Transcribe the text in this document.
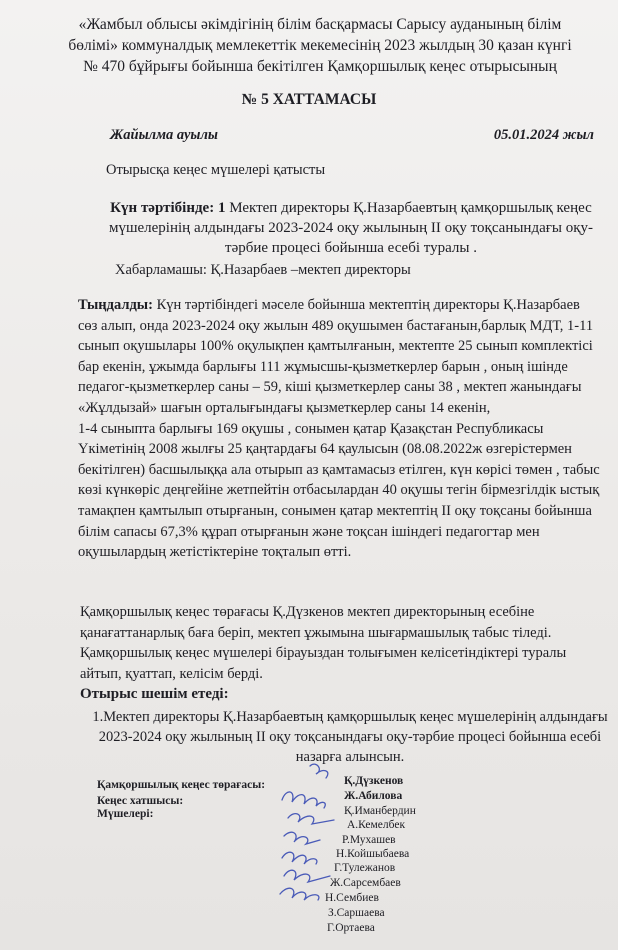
«Жамбыл облысы әкімдігінің білім басқармасы Сарысу ауданының білім бөлімі» коммуналдық мемлекеттік мекемесінің 2023 жылдың 30 қазан күнгі № 470 бұйрығы бойынша бекітілген Қамқоршылық кеңес отырысының
№ 5 ХАТТАМАСЫ
Жайылма ауылы	05.01.2024 жыл
Отырысқа кеңес мүшелері қатысты
Күн тәртібінде: 1 Мектеп директоры Қ.Назарбаевтың қамқоршылық кеңес мүшелерінің алдындағы 2023-2024 оқу жылының II оқу тоқсанындағы оқу-тәрбие процесі бойынша есебі туралы .
Хабарламашы: Қ.Назарбаев –мектеп директоры
Тыңдалды: Күн тәртібіндегі мәселе бойынша мектептің директоры Қ.Назарбаев сөз алып, онда 2023-2024 оқу жылын 489 оқушымен бастағанын,барлық МДТ, 1-11 сынып оқушылары 100% оқулықпен қамтылғанын, мектепте 25 сынып комплектісі бар екенін, ұжымда барлығы 111 жұмысшы-қызметкерлер барын , оның ішінде педагог-қызметкерлер саны – 59, кіші қызметкерлер саны 38 , мектеп жанындағы «Жұлдызай» шағын орталығындағы қызметкерлер саны 14 екенін,
1-4 сыныпта барлығы 169 оқушы , сонымен қатар Қазақстан Республикасы Үкіметінің 2008 жылғы 25 қаңтардағы 64 қаулысын (08.08.2022ж өзгерістермен бекітілген) басшылыққа ала отырып аз қамтамасыз етілген, күн көрісі төмен , табыс көзі күнкөріс деңгейіне жетпейтін отбасылардан 40 оқушы тегін бірмезгілдік ыстық тамақпен қамтылып отырғанын, сонымен қатар мектептің II оқу тоқсаны бойынша білім сапасы 67,3% құрап отырғанын және тоқсан ішіндегі педагогтар мен оқушылардың жетістіктеріне тоқталып өтті.
Қамқоршылық кеңес төрағасы Қ.Дүзкенов мектеп директорының есебіне қанағаттанарлық баға беріп, мектеп ұжымына шығармашылық табыс тіледі.
Қамқоршылық кеңес мүшелері бірауыздан толығымен келісетіндіктері туралы айтып, қуаттап, келісім берді.
Отырыс шешім етеді:
1.Мектеп директоры Қ.Назарбаевтың қамқоршылық кеңес мүшелерінің алдындағы 2023-2024 оқу жылының II оқу тоқсанындағы оқу-тәрбие процесі бойынша есебі назарға алынсын.
Қамқоршылық кеңес төрағасы:
Кеңес хатшысы:
Мүшелері:
Қ.Дүзкенов
Ж.Абилова
Қ.Иманбердин
А.Кемелбек
Р.Мухашев
Н.Койшыбаева
Г.Тулежанов
Ж.Сарсембаев
Н.Сембиев
З.Саршаева
Г.Ортаева
